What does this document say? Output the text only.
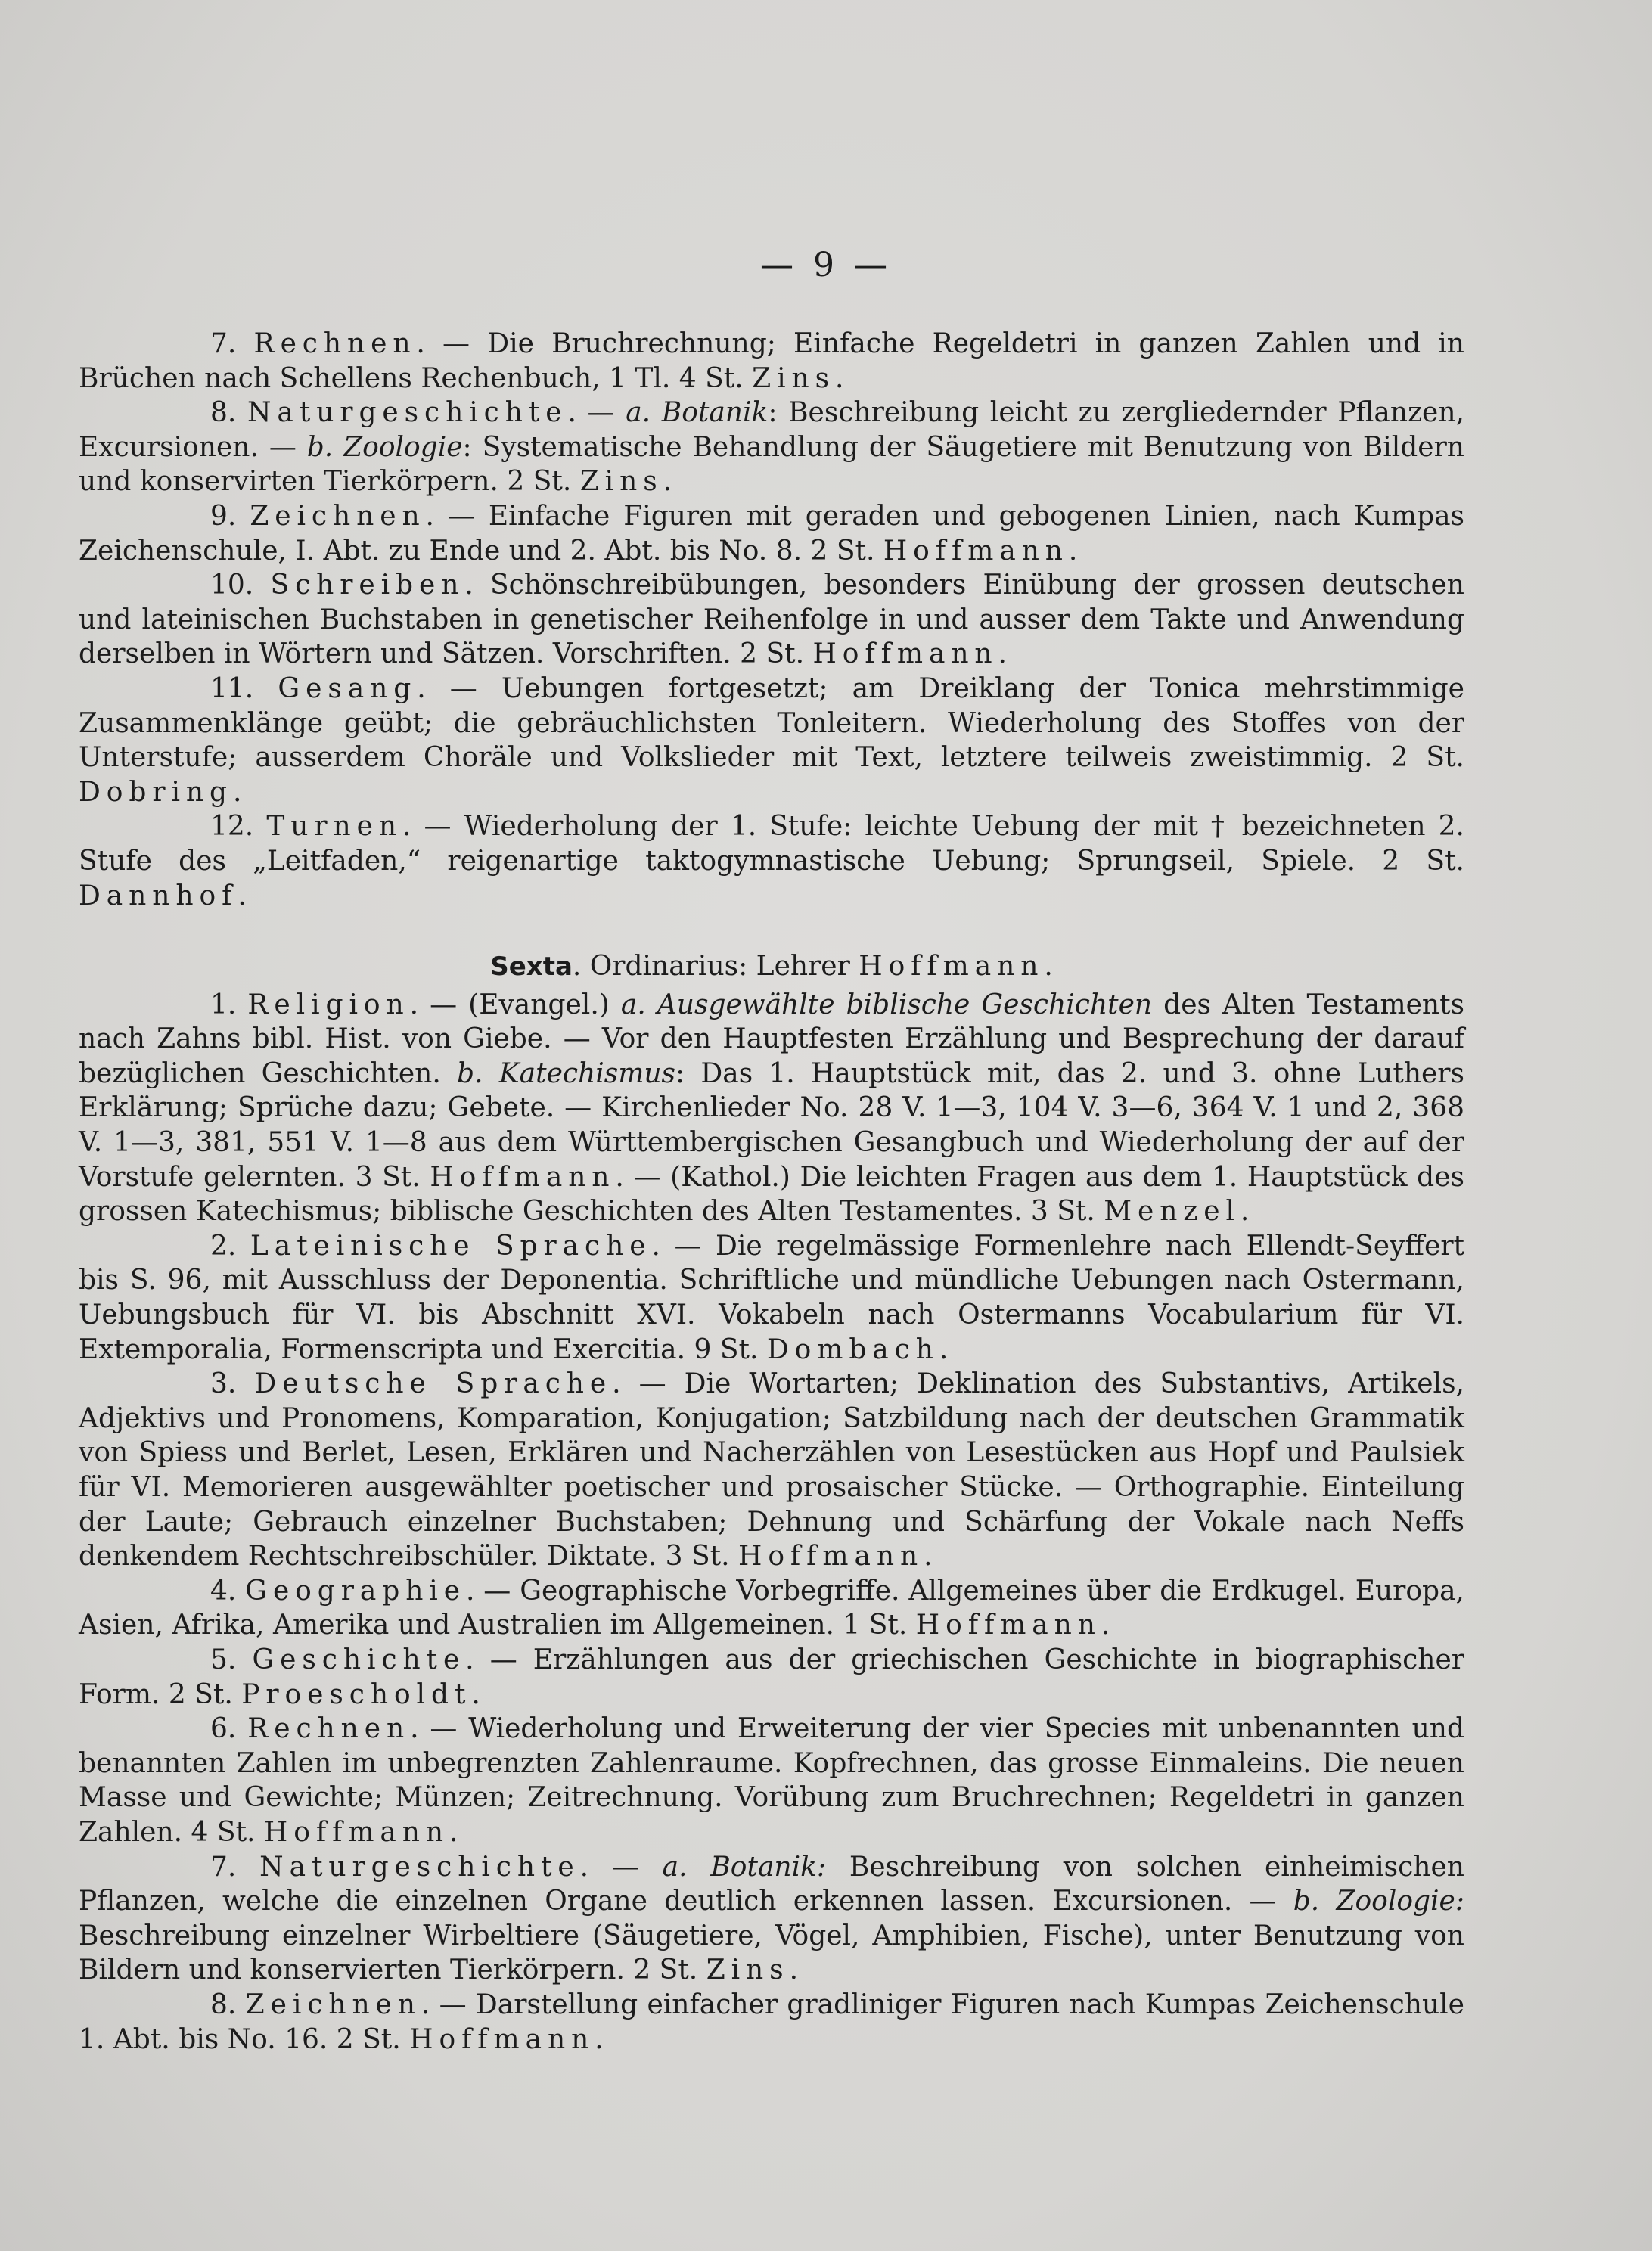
— 9 —

7. Rechnen. — Die Bruchrechnung; Einfache Regeldetri in ganzen Zahlen und in Brüchen nach Schellens Rechenbuch, 1 Tl. 4 St. Zins.

8. Naturgeschichte. — a. Botanik: Beschreibung leicht zu zergliedernder Pflanzen, Excursionen. — b. Zoologie: Systematische Behandlung der Säugetiere mit Benutzung von Bildern und konservirten Tierkörpern. 2 St. Zins.

9. Zeichnen. — Einfache Figuren mit geraden und gebogenen Linien, nach Kumpas Zeichenschule, I. Abt. zu Ende und 2. Abt. bis No. 8. 2 St. Hoffmann.

10. Schreiben. Schönschreibübungen, besonders Einübung der grossen deutschen und lateinischen Buchstaben in genetischer Reihenfolge in und ausser dem Takte und Anwendung derselben in Wörtern und Sätzen. Vorschriften. 2 St. Hoffmann.

11. Gesang. — Uebungen fortgesetzt; am Dreiklang der Tonica mehrstimmige Zusammenklänge geübt; die gebräuchlichsten Tonleitern. Wiederholung des Stoffes von der Unterstufe; ausserdem Choräle und Volkslieder mit Text, letztere teilweis zweistimmig. 2 St. Dobring.

12. Turnen. — Wiederholung der 1. Stufe: leichte Uebung der mit † bezeichneten 2. Stufe des „Leitfaden,“ reigenartige taktogymnastische Uebung; Sprungseil, Spiele. 2 St. Dannhof.

Sexta. Ordinarius: Lehrer Hoffmann.

1. Religion. — (Evangel.) a. Ausgewählte biblische Geschichten des Alten Testaments nach Zahns bibl. Hist. von Giebe. — Vor den Hauptfesten Erzählung und Besprechung der darauf bezüglichen Geschichten. b. Katechismus: Das 1. Hauptstück mit, das 2. und 3. ohne Luthers Erklärung; Sprüche dazu; Gebete. — Kirchenlieder No. 28 V. 1—3, 104 V. 3—6, 364 V. 1 und 2, 368 V. 1—3, 381, 551 V. 1—8 aus dem Württembergischen Gesangbuch und Wiederholung der auf der Vorstufe gelernten. 3 St. Hoffmann. — (Kathol.) Die leichten Fragen aus dem 1. Hauptstück des grossen Katechismus; biblische Geschichten des Alten Testamentes. 3 St. Menzel.

2. Lateinische Sprache. — Die regelmässige Formenlehre nach Ellendt-Seyffert bis S. 96, mit Ausschluss der Deponentia. Schriftliche und mündliche Uebungen nach Ostermann, Uebungsbuch für VI. bis Abschnitt XVI. Vokabeln nach Ostermanns Vocabularium für VI. Extemporalia, Formenscripta und Exercitia. 9 St. Dombach.

3. Deutsche Sprache. — Die Wortarten; Deklination des Substantivs, Artikels, Adjektivs und Pronomens, Komparation, Konjugation; Satzbildung nach der deutschen Grammatik von Spiess und Berlet, Lesen, Erklären und Nacherzählen von Lesestücken aus Hopf und Paulsiek für VI. Memorieren ausgewählter poetischer und prosaischer Stücke. — Orthographie. Einteilung der Laute; Gebrauch einzelner Buchstaben; Dehnung und Schärfung der Vokale nach Neffs denkendem Rechtschreibschüler. Diktate. 3 St. Hoffmann.

4. Geographie. — Geographische Vorbegriffe. Allgemeines über die Erdkugel. Europa, Asien, Afrika, Amerika und Australien im Allgemeinen. 1 St. Hoffmann.

5. Geschichte. — Erzählungen aus der griechischen Geschichte in biographischer Form. 2 St. Proescholdt.

6. Rechnen. — Wiederholung und Erweiterung der vier Species mit unbenannten und benannten Zahlen im unbegrenzten Zahlenraume. Kopfrechnen, das grosse Einmaleins. Die neuen Masse und Gewichte; Münzen; Zeitrechnung. Vorübung zum Bruchrechnen; Regeldetri in ganzen Zahlen. 4 St. Hoffmann.

7. Naturgeschichte. — a. Botanik: Beschreibung von solchen einheimischen Pflanzen, welche die einzelnen Organe deutlich erkennen lassen. Excursionen. — b. Zoologie: Beschreibung einzelner Wirbeltiere (Säugetiere, Vögel, Amphibien, Fische), unter Benutzung von Bildern und konservierten Tierkörpern. 2 St. Zins.

8. Zeichnen. — Darstellung einfacher gradliniger Figuren nach Kumpas Zeichenschule 1. Abt. bis No. 16. 2 St. Hoffmann.
